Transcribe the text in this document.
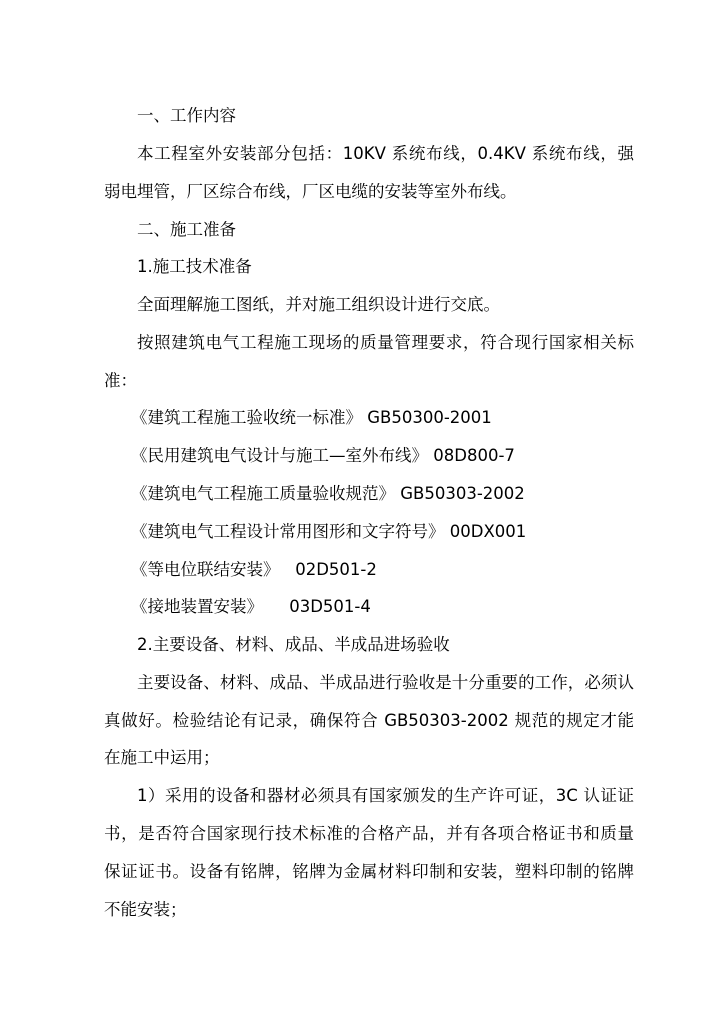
一、工作内容
本工程室外安装部分包括：10KV 系统布线，0.4KV 系统布线，强
弱电埋管，厂区综合布线，厂区电缆的安装等室外布线。
二、施工准备
1.施工技术准备
全面理解施工图纸，并对施工组织设计进行交底。
按照建筑电气工程施工现场的质量管理要求，符合现行国家相关标
准：
《建筑工程施工验收统一标准》 GB50300-2001
《民用建筑电气设计与施工—室外布线》 08D800-7
《建筑电气工程施工质量验收规范》 GB50303-2002
《建筑电气工程设计常用图形和文字符号》 00DX001
《等电位联结安装》   02D501-2
《接地装置安装》     03D501-4
2.主要设备、材料、成品、半成品进场验收
主要设备、材料、成品、半成品进行验收是十分重要的工作，必须认
真做好。检验结论有记录，确保符合 GB50303-2002 规范的规定才能
在施工中运用；
1）采用的设备和器材必须具有国家颁发的生产许可证，3C 认证证
书，是否符合国家现行技术标准的合格产品，并有各项合格证书和质量
保证证书。设备有铭牌，铭牌为金属材料印制和安装，塑料印制的铭牌
不能安装；
